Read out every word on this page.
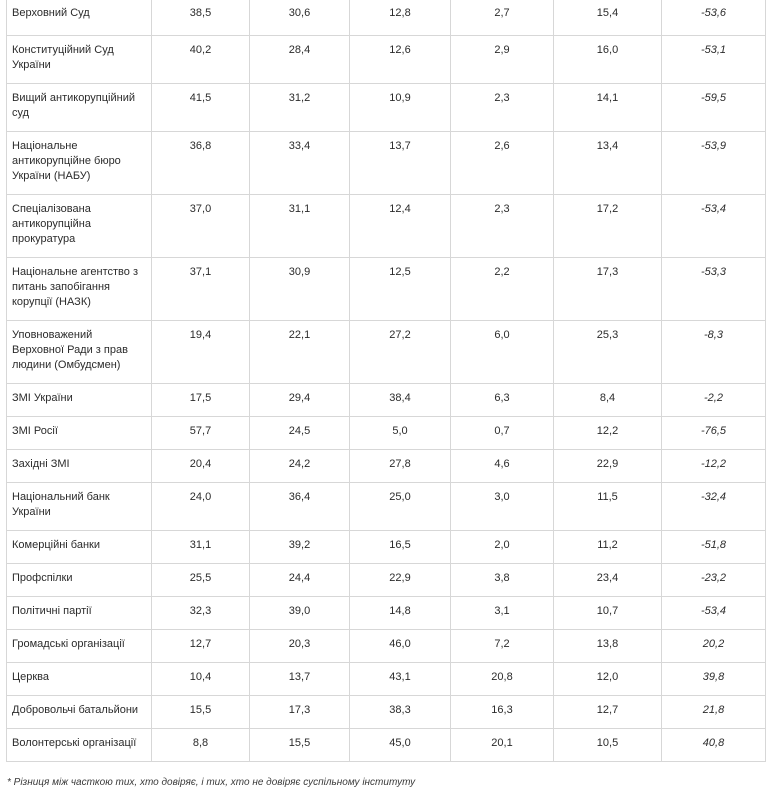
Верховний Суд	38,5	30,6	12,8	2,7	15,4	-53,6
Конституційний Суд України	40,2	28,4	12,6	2,9	16,0	-53,1
Вищий антикорупційний суд	41,5	31,2	10,9	2,3	14,1	-59,5
Національне антикорупційне бюро України (НАБУ)	36,8	33,4	13,7	2,6	13,4	-53,9
Спеціалізована антикорупційна прокуратура	37,0	31,1	12,4	2,3	17,2	-53,4
Національне агентство з питань запобігання корупції (НАЗК)	37,1	30,9	12,5	2,2	17,3	-53,3
Уповноважений Верховної Ради з прав людини (Омбудсмен)	19,4	22,1	27,2	6,0	25,3	-8,3
ЗМІ України	17,5	29,4	38,4	6,3	8,4	-2,2
ЗМІ Росії	57,7	24,5	5,0	0,7	12,2	-76,5
Західні ЗМІ	20,4	24,2	27,8	4,6	22,9	-12,2
Національний банк України	24,0	36,4	25,0	3,0	11,5	-32,4
Комерційні банки	31,1	39,2	16,5	2,0	11,2	-51,8
Профспілки	25,5	24,4	22,9	3,8	23,4	-23,2
Політичні партії	32,3	39,0	14,8	3,1	10,7	-53,4
Громадські організації	12,7	20,3	46,0	7,2	13,8	20,2
Церква	10,4	13,7	43,1	20,8	12,0	39,8
Добровольчі батальйони	15,5	17,3	38,3	16,3	12,7	21,8
Волонтерські організації	8,8	15,5	45,0	20,1	10,5	40,8
* Різниця між часткою тих, хто довіряє, і тих, хто не довіряє суспільному інституту
